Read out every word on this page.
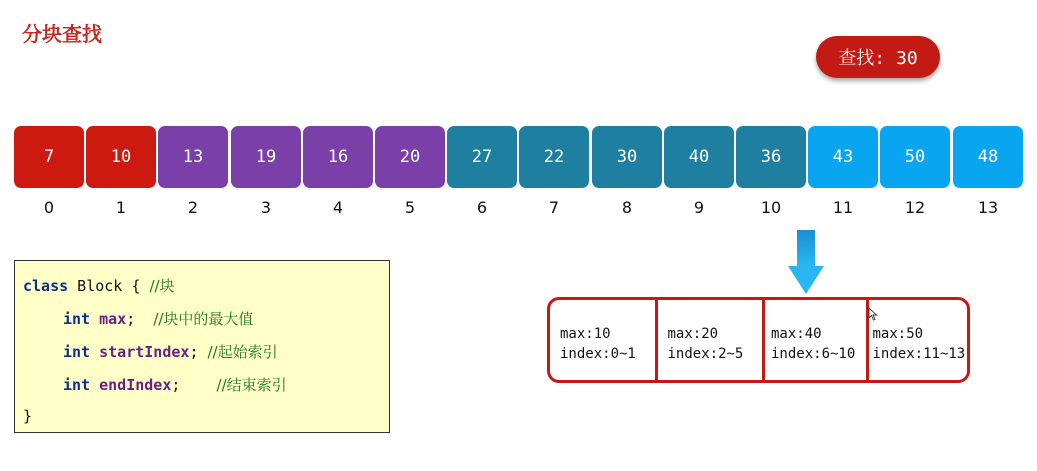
分块查找
查找: 30
7
0
10
1
13
2
19
3
16
4
20
5
27
6
22
7
30
8
40
9
36
10
43
11
50
12
48
13
max:10
index:0~1
max:20
index:2~5
max:40
index:6~10
max:50
index:11~13
class Block { //块
int max;  //块中的最大值
int startIndex; //起始索引
int endIndex;    //结束索引
}
